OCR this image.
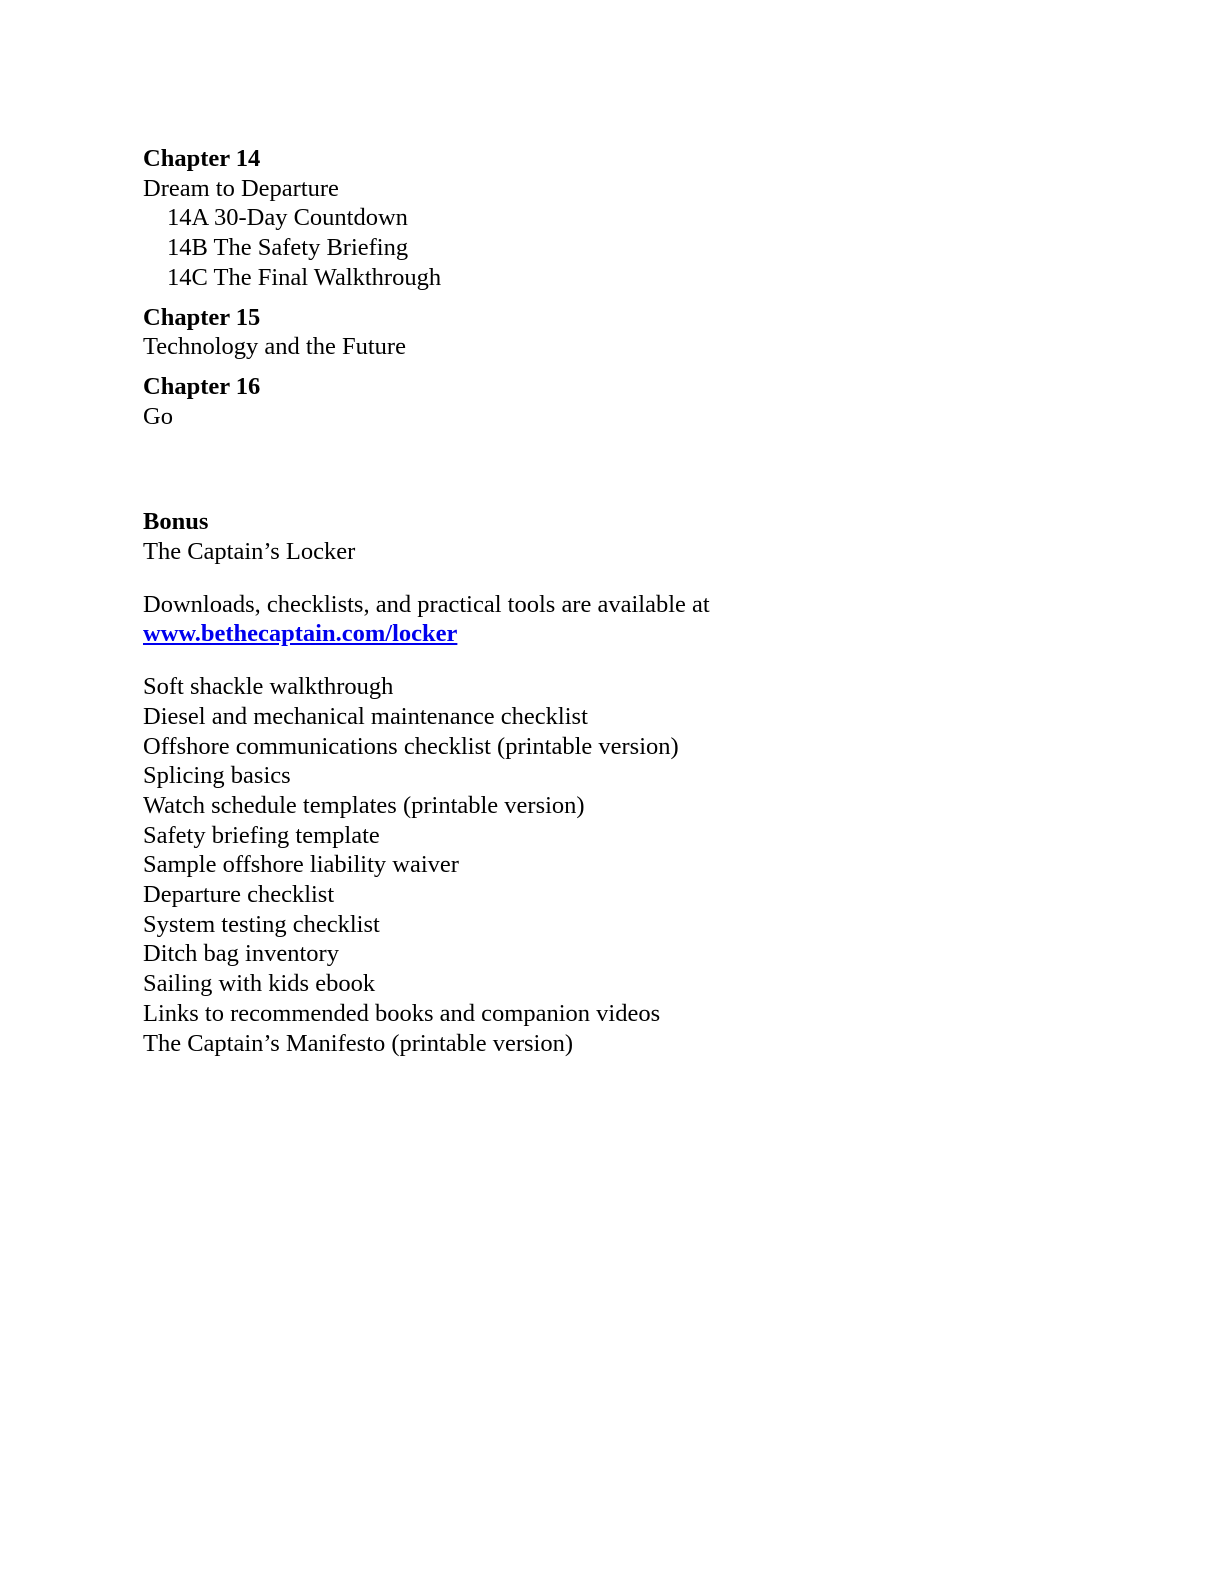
Chapter 14
Dream to Departure
14A 30-Day Countdown
14B The Safety Briefing
14C The Final Walkthrough
Chapter 15
Technology and the Future
Chapter 16
Go
Bonus
The Captain’s Locker
Downloads, checklists, and practical tools are available at
www.bethecaptain.com/locker
Soft shackle walkthrough
Diesel and mechanical maintenance checklist
Offshore communications checklist (printable version)
Splicing basics
Watch schedule templates (printable version)
Safety briefing template
Sample offshore liability waiver
Departure checklist
System testing checklist
Ditch bag inventory
Sailing with kids ebook
Links to recommended books and companion videos
The Captain’s Manifesto (printable version)
